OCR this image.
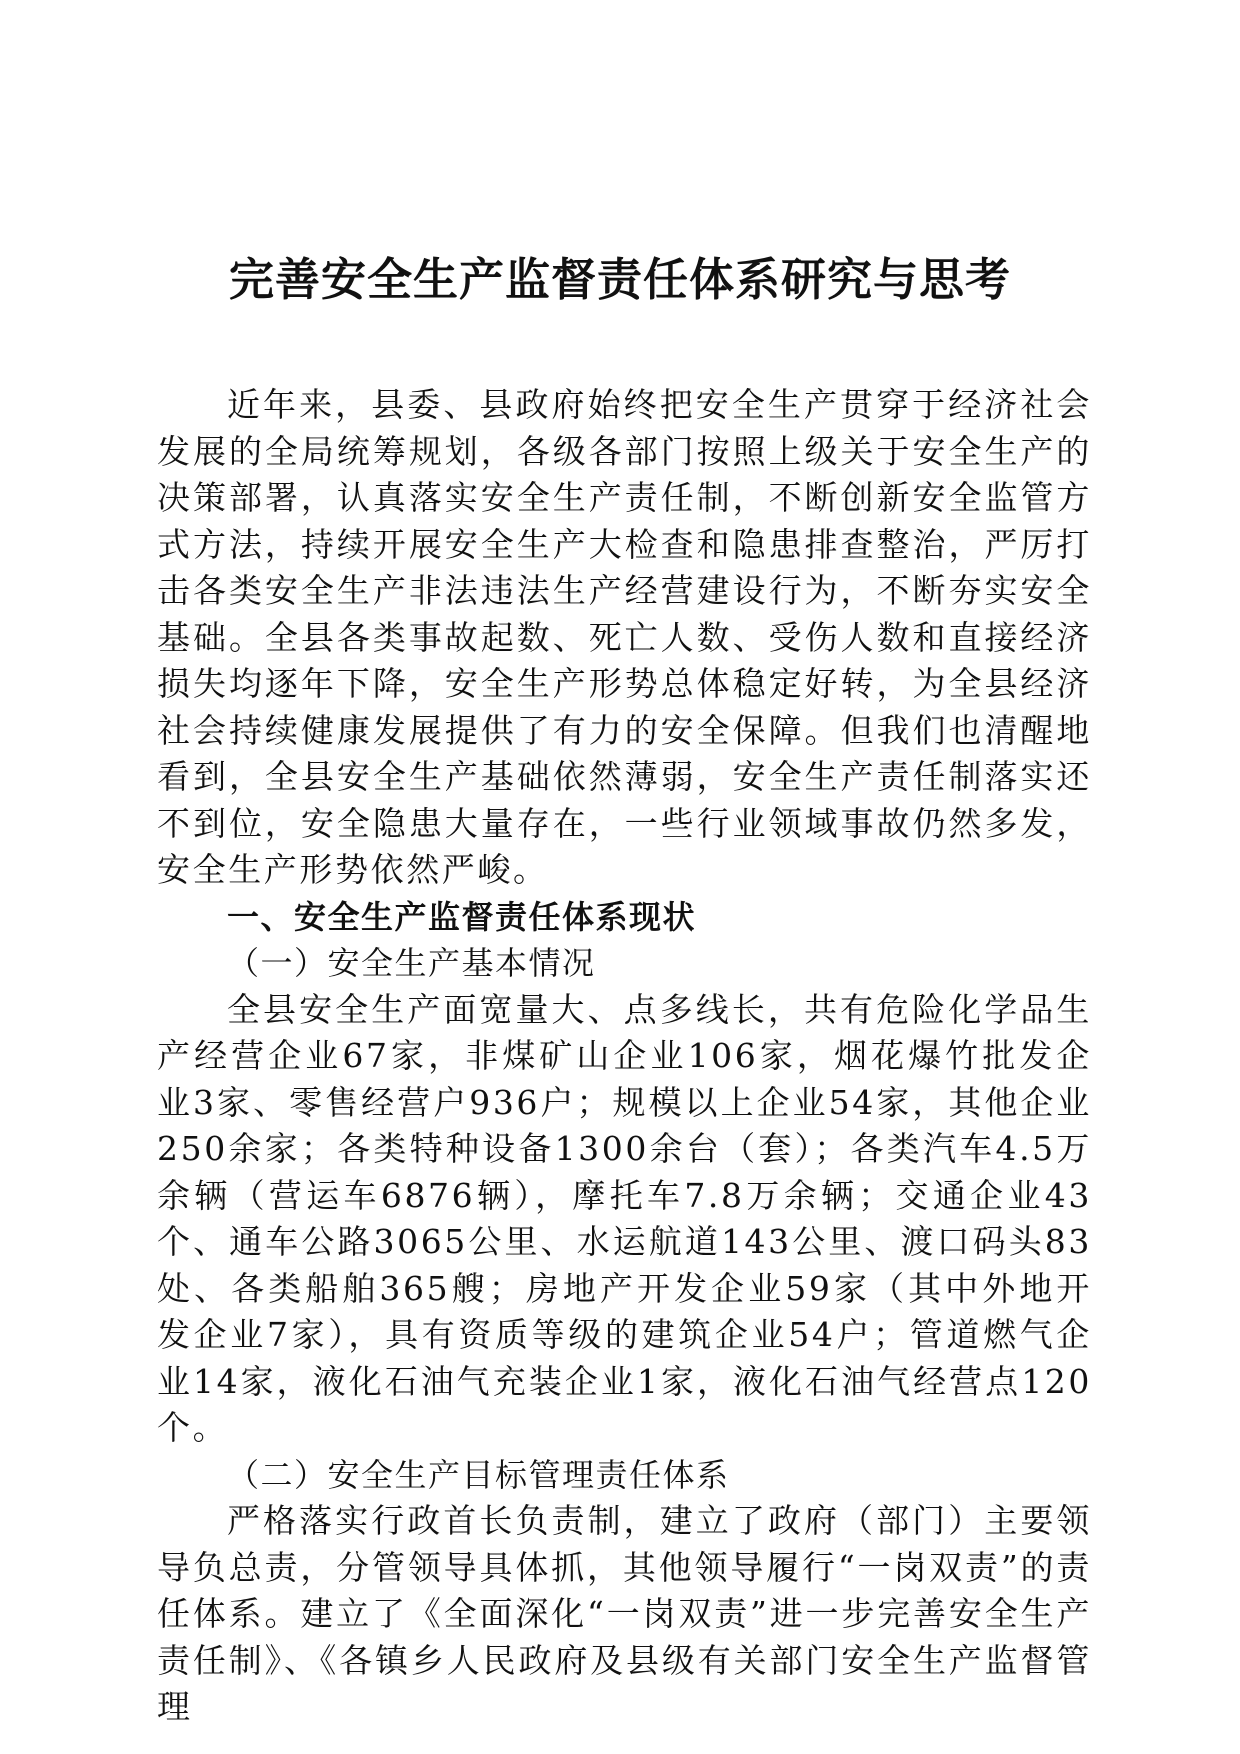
完善安全生产监督责任体系研究与思考

近年来，县委、县政府始终把安全生产贯穿于经济社会发展的全局统筹规划，各级各部门按照上级关于安全生产的决策部署，认真落实安全生产责任制，不断创新安全监管方式方法，持续开展安全生产大检查和隐患排查整治，严厉打击各类安全生产非法违法生产经营建设行为，不断夯实安全基础。全县各类事故起数、死亡人数、受伤人数和直接经济损失均逐年下降，安全生产形势总体稳定好转，为全县经济社会持续健康发展提供了有力的安全保障。但我们也清醒地看到，全县安全生产基础依然薄弱，安全生产责任制落实还不到位，安全隐患大量存在，一些行业领域事故仍然多发，安全生产形势依然严峻。

一、安全生产监督责任体系现状

（一）安全生产基本情况

全县安全生产面宽量大、点多线长，共有危险化学品生产经营企业67家，非煤矿山企业106家，烟花爆竹批发企业3家、零售经营户936户；规模以上企业54家，其他企业250余家；各类特种设备1300余台（套）；各类汽车4.5万余辆（营运车6876辆），摩托车7.8万余辆；交通企业43个、通车公路3065公里、水运航道143公里、渡口码头83处、各类船舶365艘；房地产开发企业59家（其中外地开发企业7家），具有资质等级的建筑企业54户；管道燃气企业14家，液化石油气充装企业1家，液化石油气经营点120个。

（二）安全生产目标管理责任体系

严格落实行政首长负责制，建立了政府（部门）主要领导负总责，分管领导具体抓，其他领导履行“一岗双责”的责任体系。建立了《全面深化“一岗双责”进一步完善安全生产责任制》、《各镇乡人民政府及县级有关部门安全生产监督管理
